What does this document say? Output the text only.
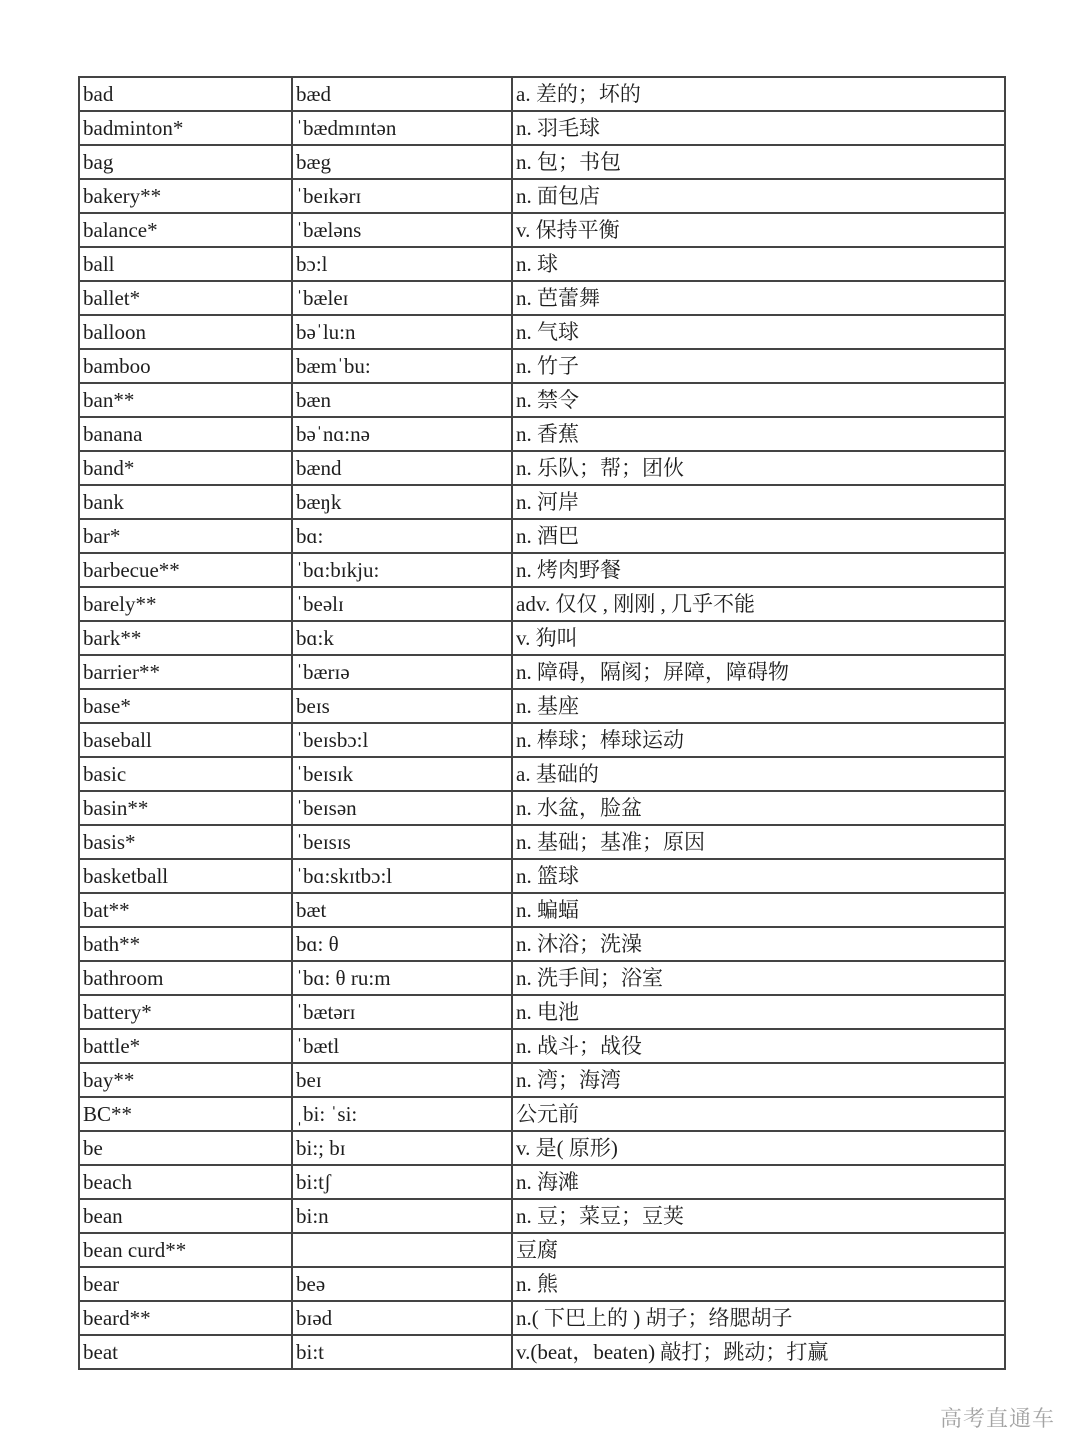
bad	bæd	a. 差的；坏的
badminton*	ˈbædmɪntən	n. 羽毛球
bag	bæg	n. 包；书包
bakery**	ˈbeɪkərɪ	n. 面包店
balance*	ˈbæləns	v. 保持平衡
ball	bɔ:l	n. 球
ballet*	ˈbæleɪ	n. 芭蕾舞
balloon	bəˈlu:n	n. 气球
bamboo	bæmˈbu:	n. 竹子
ban**	bæn	n. 禁令
banana	bəˈnɑ:nə	n. 香蕉
band*	bænd	n. 乐队；帮；团伙
bank	bæŋk	n. 河岸
bar*	bɑ:	n. 酒巴
barbecue**	ˈbɑ:bɪkju:	n. 烤肉野餐
barely**	ˈbeəlɪ	adv. 仅仅 , 刚刚 , 几乎不能
bark**	bɑ:k	v. 狗叫
barrier**	ˈbærɪə	n. 障碍，隔阂；屏障，障碍物
base*	beɪs	n. 基座
baseball	ˈbeɪsbɔ:l	n. 棒球；棒球运动
basic	ˈbeɪsɪk	a. 基础的
basin**	ˈbeɪsən	n. 水盆，脸盆
basis*	ˈbeɪsɪs	n. 基础；基准；原因
basketball	ˈbɑ:skɪtbɔ:l	n. 篮球
bat**	bæt	n. 蝙蝠
bath**	bɑ: θ	n. 沐浴；洗澡
bathroom	ˈbɑ: θ ru:m	n. 洗手间；浴室
battery*	ˈbætərɪ	n. 电池
battle*	ˈbætl	n. 战斗；战役
bay**	beɪ	n. 湾；海湾
BC**	ˌbi: ˈsi:	公元前
be	bi:; bɪ	v. 是( 原形)
beach	bi:tʃ	n. 海滩
bean	bi:n	n. 豆；菜豆；豆荚
bean curd**		豆腐
bear	beə	n. 熊
beard**	bɪəd	n.( 下巴上的 ) 胡子；络腮胡子
beat	bi:t	v.(beat，beaten) 敲打；跳动；打赢
高考直通车
